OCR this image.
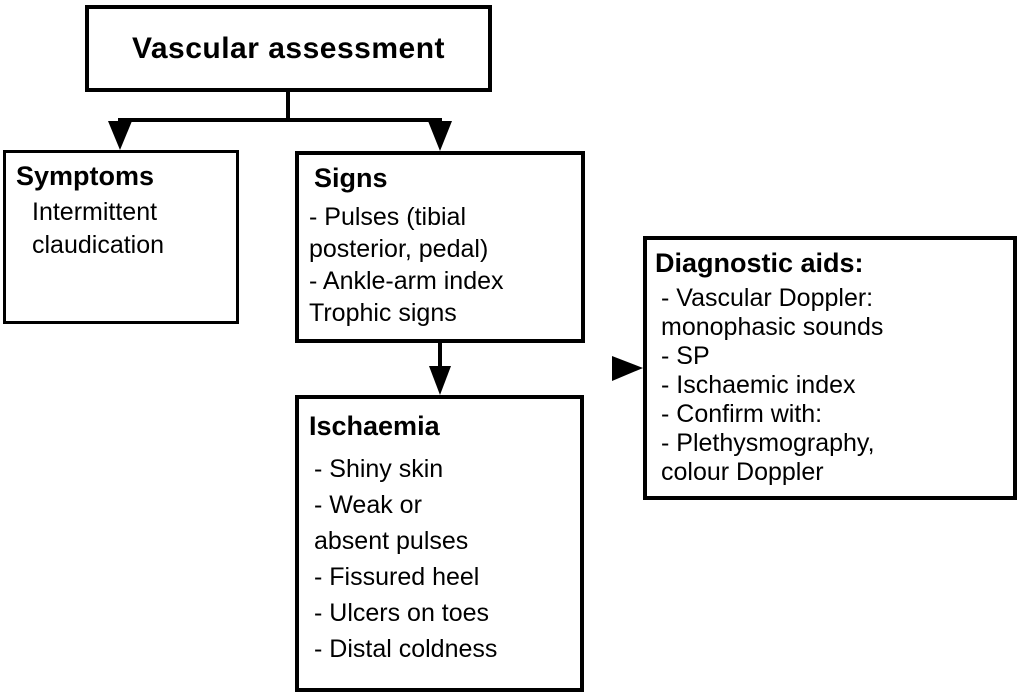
Vascular assessment
Symptoms
Intermittent
claudication
Signs
- Pulses (tibial
posterior, pedal)
- Ankle-arm index
Trophic signs
Ischaemia
- Shiny skin
- Weak or
absent pulses
- Fissured heel
- Ulcers on toes
- Distal coldness
Diagnostic aids:
- Vascular Doppler:
monophasic sounds
- SP
- Ischaemic index
- Confirm with:
- Plethysmography,
colour Doppler
